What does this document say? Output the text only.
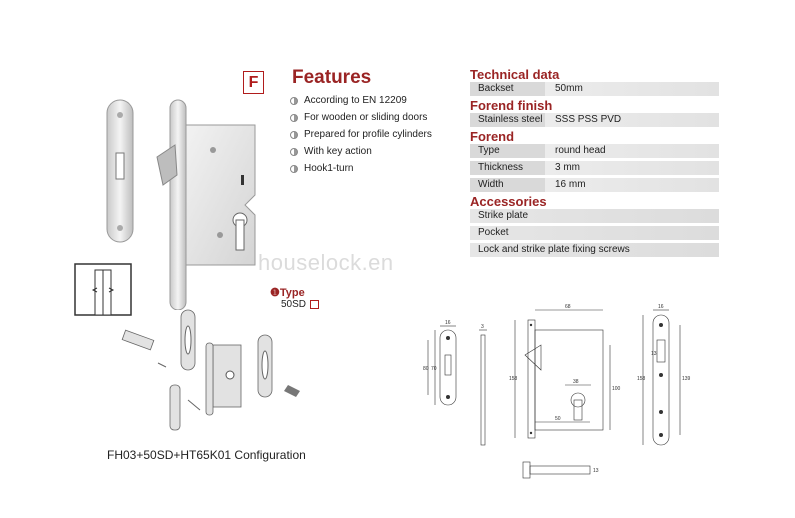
F Features
According to EN 12209
For wooden or sliding doors
Prepared for profile cylinders
With key action
Hook1-turn
Technical data
Backset	50mm
Forend finish
Stainless steel	SSS PSS PVD
Forend
Type	round head
Thickness	3 mm
Width	16 mm
Accessories
Strike plate
Pocket
Lock and strike plate fixing screws
houselock.en
❶Type
50SD
FH03+50SD+HT65K01 Configuration
16
80 70
3
68
158
50
100
38
16
158	139
13
13
